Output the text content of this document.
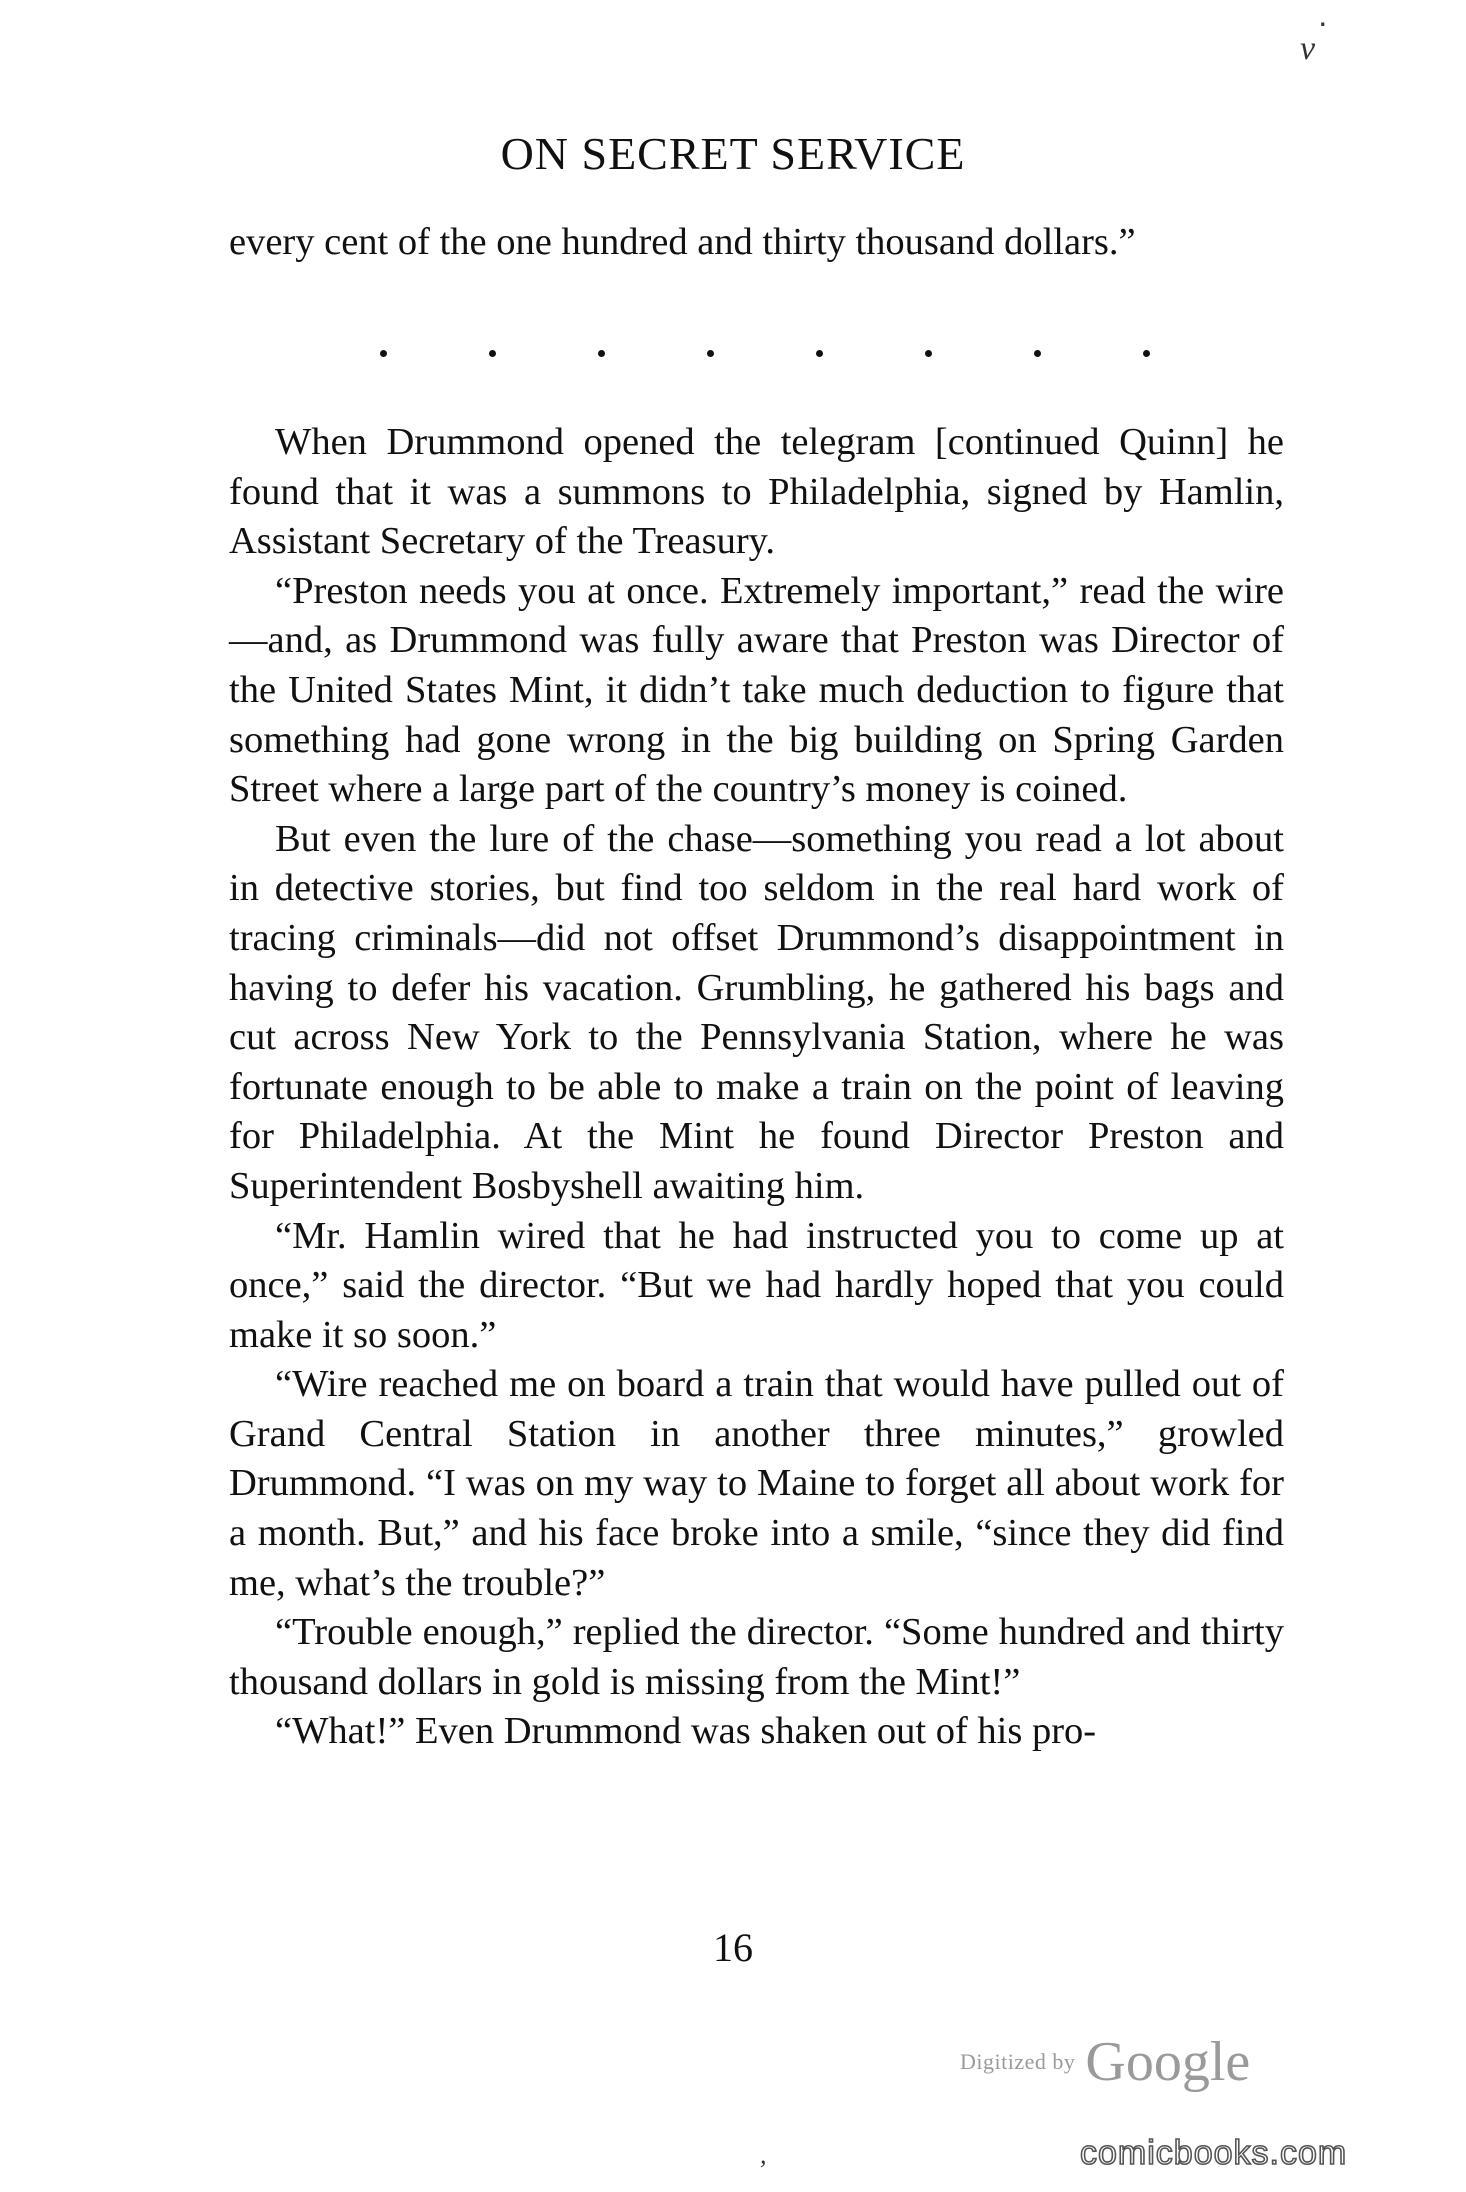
⋅
v
ON SECRET SERVICE

every cent of the one hundred and thirty thousand dollars.”

When Drummond opened the telegram [continued Quinn] he found that it was a summons to Philadelphia, signed by Hamlin, Assistant Secretary of the Treasury.

“Preston needs you at once. Extremely important,” read the wire—and, as Drummond was fully aware that Preston was Director of the United States Mint, it didn’t take much deduction to figure that something had gone wrong in the big building on Spring Garden Street where a large part of the country’s money is coined.

But even the lure of the chase—something you read a lot about in detective stories, but find too seldom in the real hard work of tracing criminals—did not offset Drummond’s disappointment in having to defer his vacation. Grumbling, he gathered his bags and cut across New York to the Pennsylvania Station, where he was fortunate enough to be able to make a train on the point of leaving for Philadelphia. At the Mint he found Director Preston and Superintendent Bosbyshell awaiting him.

“Mr. Hamlin wired that he had instructed you to come up at once,” said the director. “But we had hardly hoped that you could make it so soon.”

“Wire reached me on board a train that would have pulled out of Grand Central Station in another three minutes,” growled Drummond. “I was on my way to Maine to forget all about work for a month. But,” and his face broke into a smile, “since they did find me, what’s the trouble?”

“Trouble enough,” replied the director. “Some hundred and thirty thousand dollars in gold is missing from the Mint!”

“What!” Even Drummond was shaken out of his pro-

16
Digitized by Google
,	comicbooks.com
